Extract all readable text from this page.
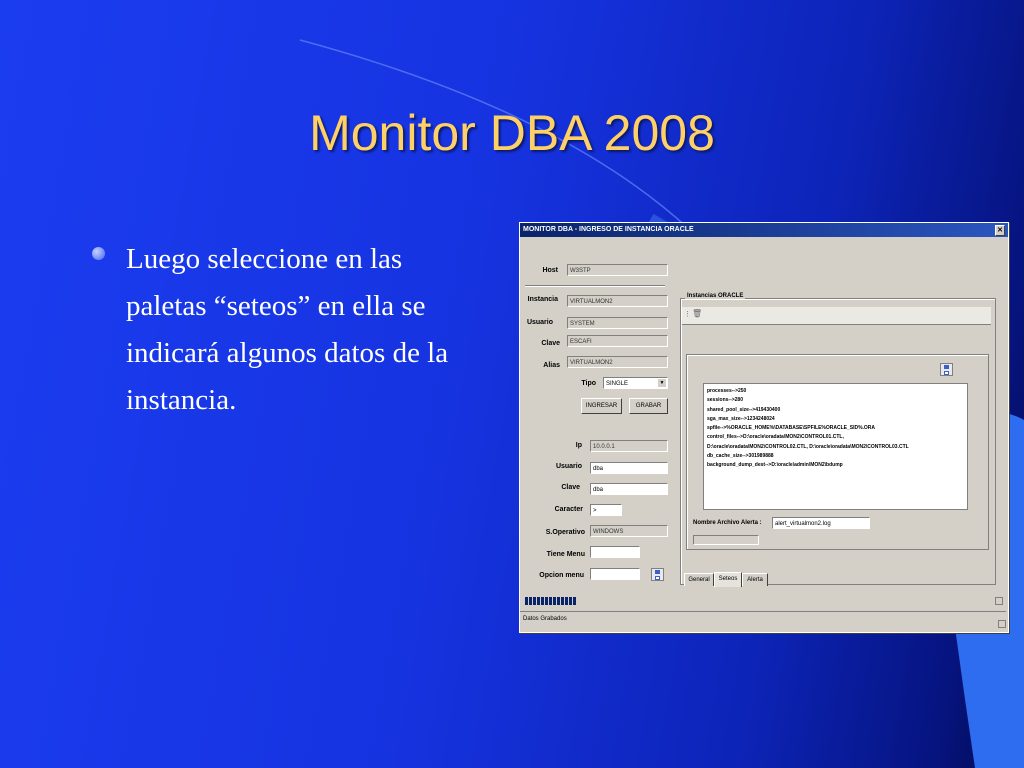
Monitor DBA 2008
Luego seleccione en las paletas “seteos” en ella se indicará algunos datos de la instancia.
MONITOR DBA - INGRESO DE INSTANCIA ORACLE	✕
Host	W3STP
Instancia	VIRTUALMON2
Usuario	SYSTEM
Clave	ESCAFI
Alias	VIRTUALMON2
Tipo	SINGLE	▼
INGRESAR	GRABAR
Ip	10.0.0.1
Usuario	dba
Clave	dba
Caracter	>
S.Operativo	WINDOWS
Tiene Menu
Opcion menu
Instancias ORACLE
⋮ 🗑
processes-->250
sessions-->280
shared_pool_size-->419430400
sga_max_size-->1234248024
spfile-->%ORACLE_HOME%\DATABASE\SPFILE%ORACLE_SID%.ORA
control_files-->D:\oracle\oradata\MON2\CONTROL01.CTL,
D:\oracle\oradata\MON2\CONTROL02.CTL, D:\oracle\oradata\MON2\CONTROL03.CTL
db_cache_size-->301989888
background_dump_dest-->D:\oracle\admin\MON2\bdump
Nombre Archivo Alerta :	alert_virtualmon2.log
General	Seteos	Alerta
Datos Grabados
